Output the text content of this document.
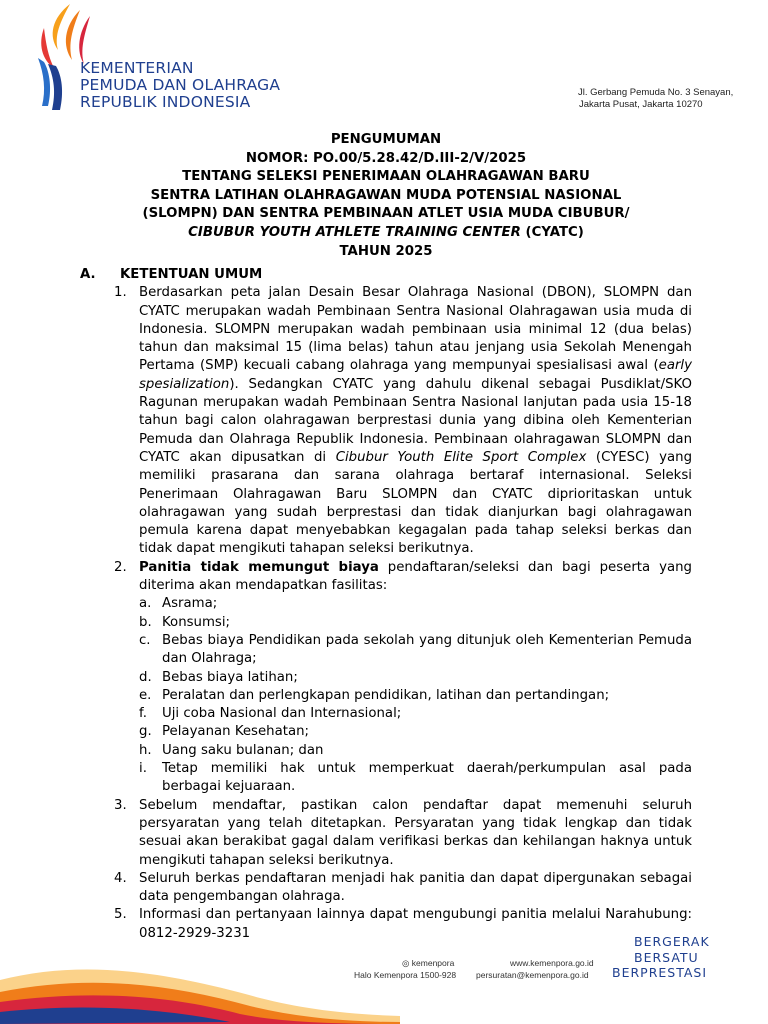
KEMENTERIAN
PEMUDA DAN OLAHRAGA
REPUBLIK INDONESIA
Jl. Gerbang Pemuda No. 3 Senayan,
Jakarta Pusat, Jakarta 10270
PENGUMUMAN
NOMOR: PO.00/5.28.42/D.III-2/V/2025
TENTANG SELEKSI PENERIMAAN OLAHRAGAWAN BARU
SENTRA LATIHAN OLAHRAGAWAN MUDA POTENSIAL NASIONAL
(SLOMPN) DAN SENTRA PEMBINAAN ATLET USIA MUDA CIBUBUR/
CIBUBUR YOUTH ATHLETE TRAINING CENTER (CYATC)
TAHUN 2025
A.	KETENTUAN UMUM
1. Berdasarkan peta jalan Desain Besar Olahraga Nasional (DBON), SLOMPN dan CYATC merupakan wadah Pembinaan Sentra Nasional Olahragawan usia muda di Indonesia. SLOMPN merupakan wadah pembinaan usia minimal 12 (dua belas) tahun dan maksimal 15 (lima belas) tahun atau jenjang usia Sekolah Menengah Pertama (SMP) kecuali cabang olahraga yang mempunyai spesialisasi awal (early spesialization). Sedangkan CYATC yang dahulu dikenal sebagai Pusdiklat/SKO Ragunan merupakan wadah Pembinaan Sentra Nasional lanjutan pada usia 15-18 tahun bagi calon olahragawan berprestasi dunia yang dibina oleh Kementerian Pemuda dan Olahraga Republik Indonesia. Pembinaan olahragawan SLOMPN dan CYATC akan dipusatkan di Cibubur Youth Elite Sport Complex (CYESC) yang memiliki prasarana dan sarana olahraga bertaraf internasional. Seleksi Penerimaan Olahragawan Baru SLOMPN dan CYATC diprioritaskan untuk olahragawan yang sudah berprestasi dan tidak dianjurkan bagi olahragawan pemula karena dapat menyebabkan kegagalan pada tahap seleksi berkas dan tidak dapat mengikuti tahapan seleksi berikutnya.
2. Panitia tidak memungut biaya pendaftaran/seleksi dan bagi peserta yang diterima akan mendapatkan fasilitas:
a. Asrama;
b. Konsumsi;
c. Bebas biaya Pendidikan pada sekolah yang ditunjuk oleh Kementerian Pemuda dan Olahraga;
d. Bebas biaya latihan;
e. Peralatan dan perlengkapan pendidikan, latihan dan pertandingan;
f. Uji coba Nasional dan Internasional;
g. Pelayanan Kesehatan;
h. Uang saku bulanan; dan
i. Tetap memiliki hak untuk memperkuat daerah/perkumpulan asal pada berbagai kejuaraan.
3. Sebelum mendaftar, pastikan calon pendaftar dapat memenuhi seluruh persyaratan yang telah ditetapkan. Persyaratan yang tidak lengkap dan tidak sesuai akan berakibat gagal dalam verifikasi berkas dan kehilangan haknya untuk mengikuti tahapan seleksi berikutnya.
4. Seluruh berkas pendaftaran menjadi hak panitia dan dapat dipergunakan sebagai data pengembangan olahraga.
5. Informasi dan pertanyaan lainnya dapat mengubungi panitia melalui Narahubung: 0812-2929-3231
◎ kemenpora
Halo Kemenpora 1500-928
www.kemenpora.go.id
persuratan@kemenpora.go.id
BERGERAK
BERSATU
BERPRESTASI
